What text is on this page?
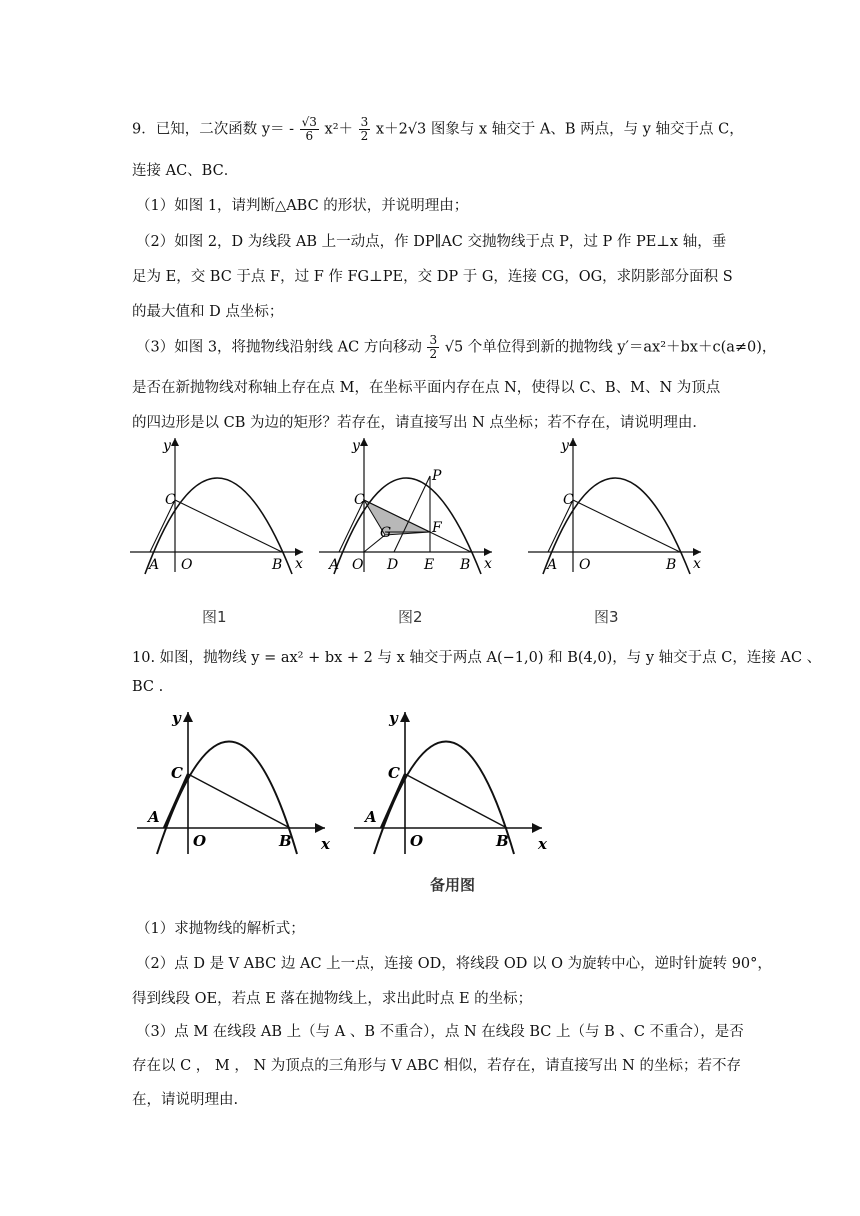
9．已知，二次函数 $y= - \frac{√3}{6} x^2+ \frac{3}{2} x+2√3$ 图象与 x 轴交于 A、B 两点，与 y 轴交于点 C，
连接 AC、BC．
（1）如图 1，请判断△ABC 的形状，并说明理由；
（2）如图 2，D 为线段 AB 上一动点，作 DP∥AC 交抛物线于点 P，过 P 作 PE⊥x 轴，垂
足为 E，交 BC 于点 F，过 F 作 FG⊥PE，交 DP 于 G，连接 CG，OG，求阴影部分面积 S
的最大值和 D 点坐标；
（3）如图 3，将抛物线沿射线 AC 方向移动 $\frac{3}{2} √5$ 个单位得到新的抛物线 y′＝ax²＋bx＋c(a≠0)，
是否在新抛物线对称轴上存在点 M，在坐标平面内存在点 N，使得以 C、B、M、N 为顶点
的四边形是以 CB 为边的矩形？若存在，请直接写出 N 点坐标；若不存在，请说明理由．
y
x
C
A O	B
图1
y
x
C
P
F
G
A O D E B
图2
y
x
C
A O	B
图3
10. 如图，抛物线 y = ax² + bx + 2 与 x 轴交于两点 A(−1,0) 和 B(4,0)，与 y 轴交于点 C，连接 AC 、
BC .
y
C
A
O	B x
y
C
A
O	B x
备用图
（1）求抛物线的解析式；
（2）点 D 是 V ABC 边 AC 上一点，连接 OD，将线段 OD 以 O 为旋转中心，逆时针旋转 90°，
得到线段 OE，若点 E 落在抛物线上，求出此时点 E 的坐标；
（3）点 M 在线段 AB 上（与 A 、B 不重合），点 N 在线段 BC 上（与 B 、C 不重合），是否
存在以 C ， M ， N 为顶点的三角形与 V ABC 相似，若存在，请直接写出 N 的坐标；若不存
在，请说明理由.
